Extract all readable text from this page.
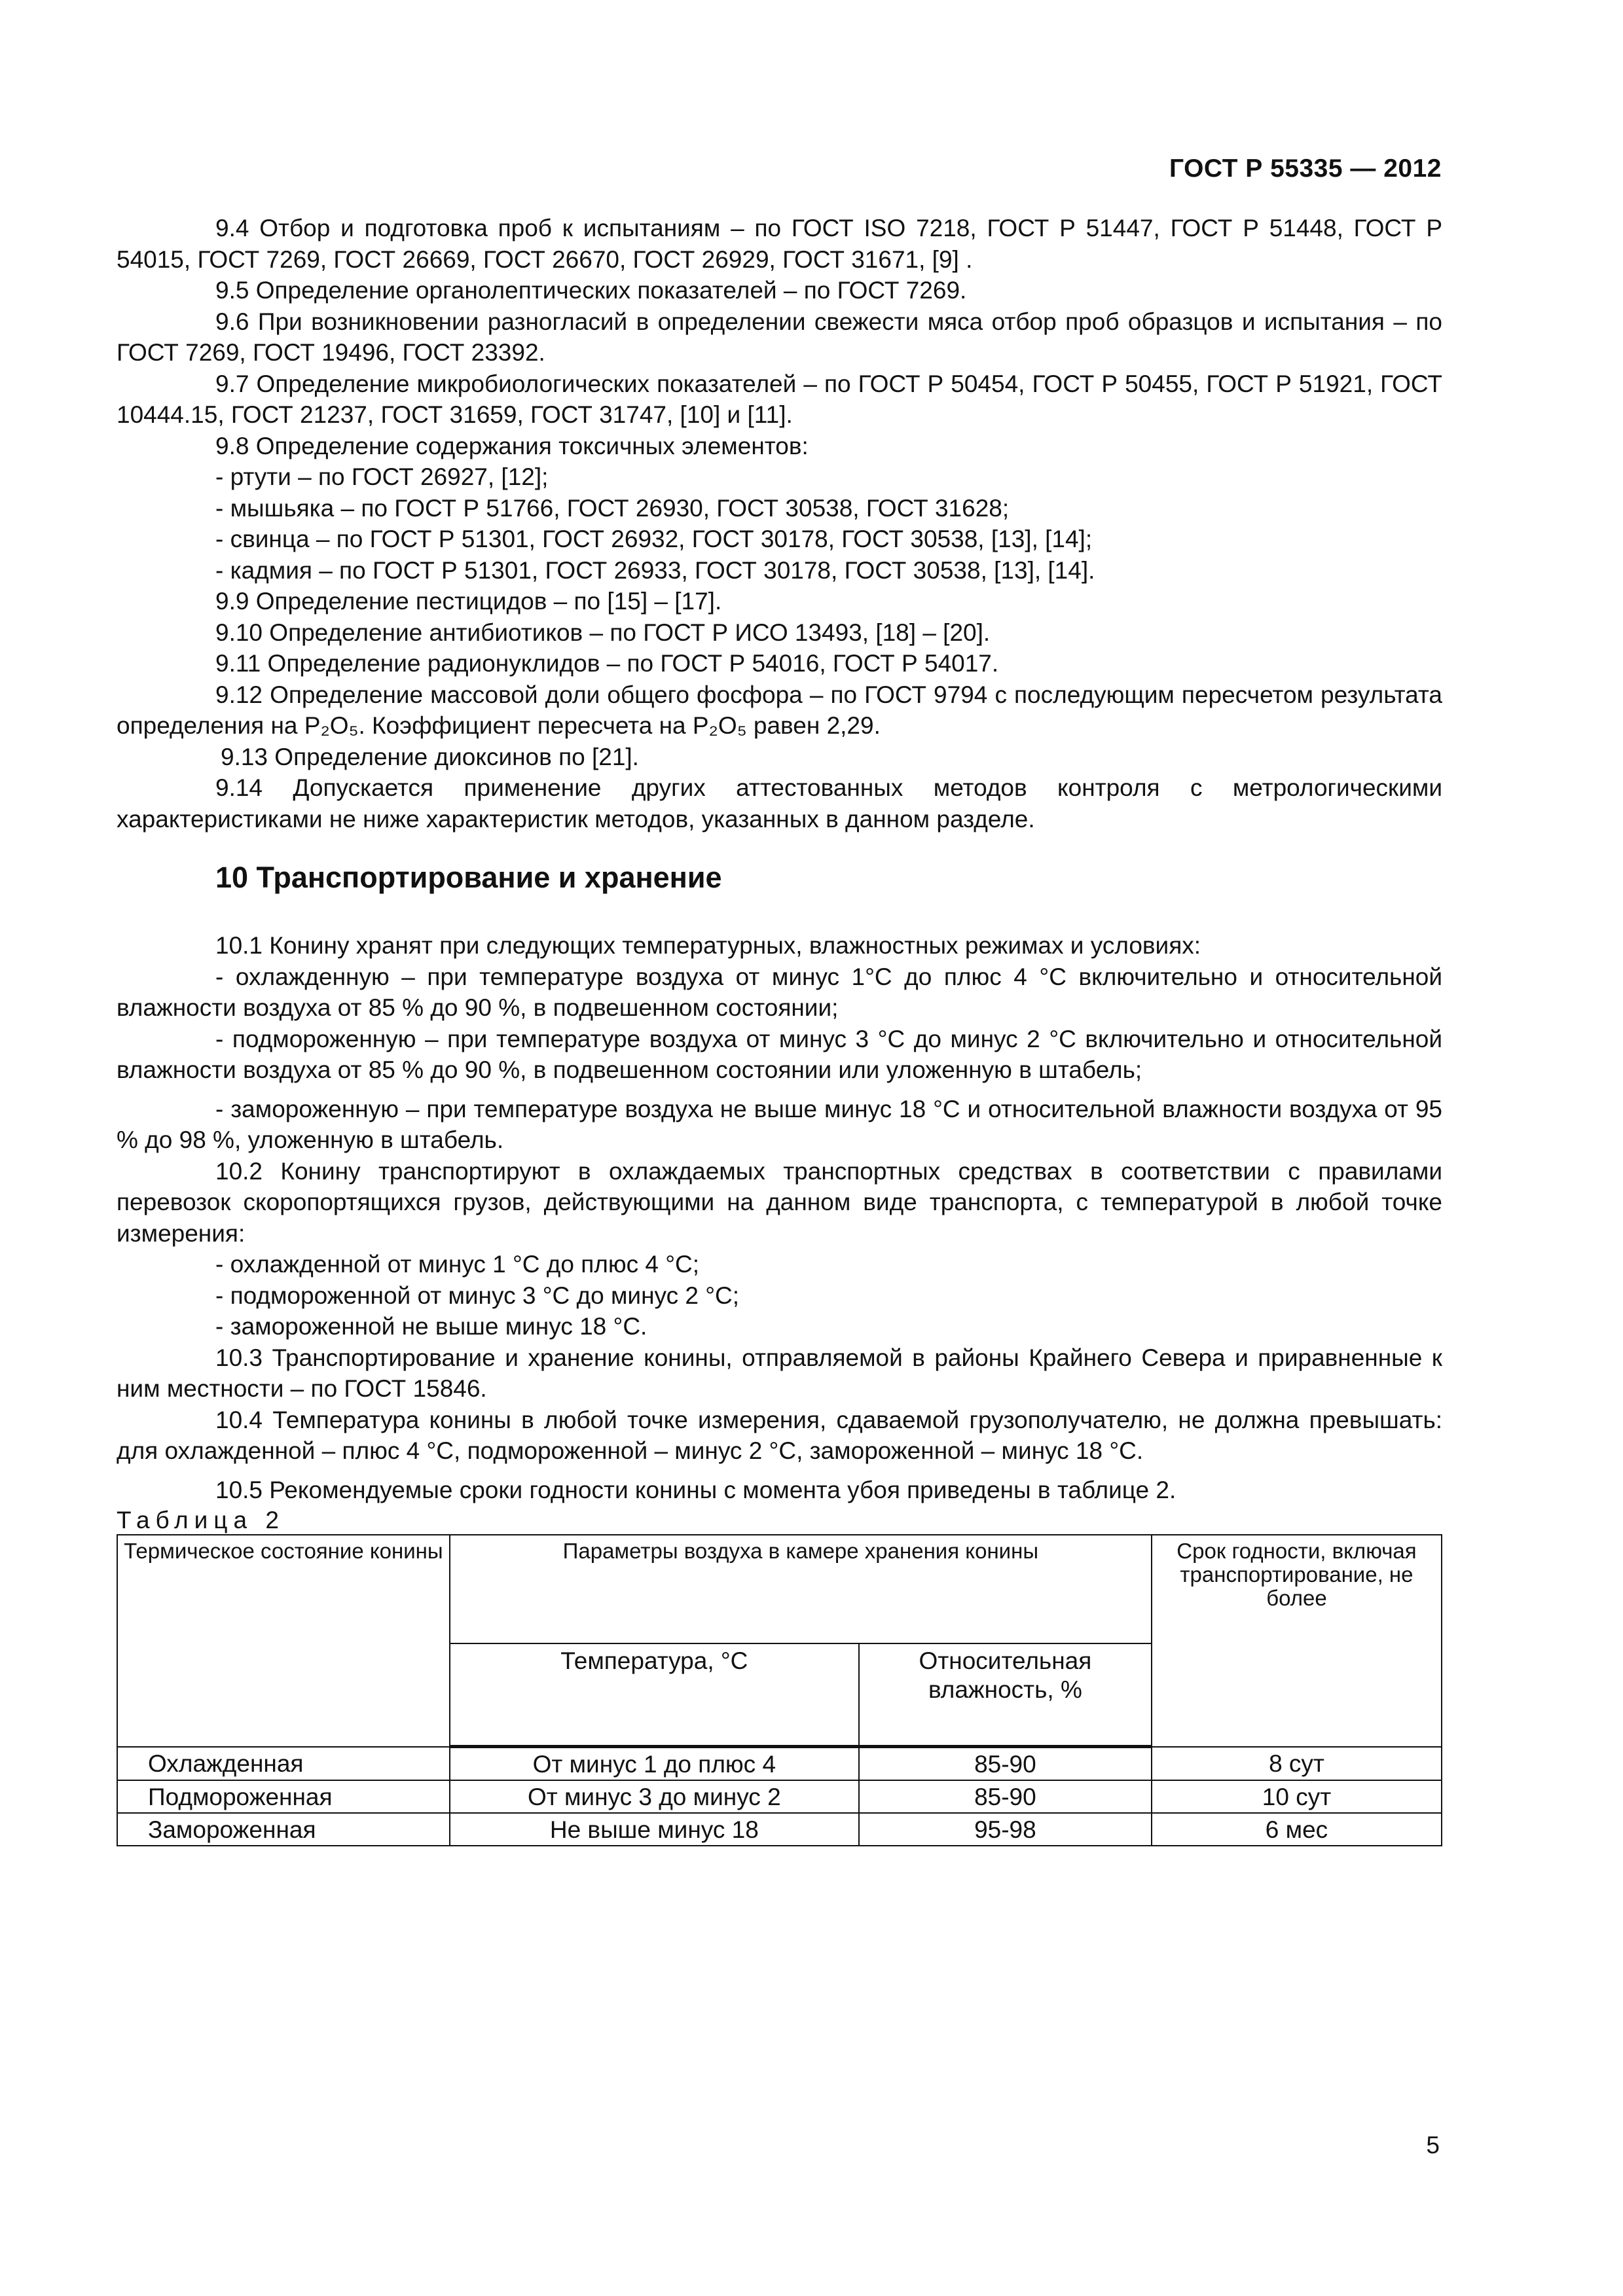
ГОСТ Р 55335 — 2012
9.4 Отбор и подготовка проб к испытаниям – по ГОСТ ISO 7218, ГОСТ Р 51447, ГОСТ Р 51448, ГОСТ Р 54015, ГОСТ 7269, ГОСТ 26669, ГОСТ 26670, ГОСТ 26929, ГОСТ 31671, [9] .
9.5 Определение органолептических показателей – по ГОСТ 7269.
9.6 При возникновении разногласий в определении свежести мяса отбор проб образцов и испытания – по ГОСТ 7269, ГОСТ 19496, ГОСТ 23392.
9.7 Определение микробиологических показателей – по ГОСТ Р 50454, ГОСТ Р 50455, ГОСТ Р 51921, ГОСТ 10444.15, ГОСТ 21237, ГОСТ 31659, ГОСТ 31747, [10] и [11].
9.8 Определение содержания токсичных элементов:
- ртути – по ГОСТ 26927, [12];
- мышьяка – по ГОСТ Р 51766, ГОСТ 26930, ГОСТ 30538, ГОСТ 31628;
- свинца – по ГОСТ Р 51301, ГОСТ 26932, ГОСТ 30178, ГОСТ 30538, [13], [14];
- кадмия – по ГОСТ Р 51301, ГОСТ 26933, ГОСТ 30178, ГОСТ 30538, [13], [14].
9.9 Определение пестицидов – по [15] – [17].
9.10 Определение антибиотиков – по ГОСТ Р ИСО 13493, [18] – [20].
9.11 Определение радионуклидов – по ГОСТ Р 54016, ГОСТ Р 54017.
9.12 Определение массовой доли общего фосфора – по ГОСТ 9794 с последующим пересчетом результата определения на P₂O₅. Коэффициент пересчета на P₂O₅ равен 2,29.
9.13 Определение диоксинов по [21].
9.14 Допускается применение других аттестованных методов контроля с метрологическими характеристиками не ниже характеристик методов, указанных в данном разделе.
10 Транспортирование и хранение
10.1 Конину хранят при следующих температурных, влажностных режимах и условиях:
- охлажденную – при температуре воздуха от минус 1°С до плюс 4 °С включительно и относительной влажности воздуха от 85 % до 90 %, в подвешенном состоянии;
- подмороженную – при температуре воздуха от минус 3 °С до минус 2 °С включительно и относительной влажности воздуха от 85 % до 90 %, в подвешенном состоянии или уложенную в штабель;
- замороженную – при температуре воздуха не выше минус 18 °С и относительной влажности воздуха от 95 % до 98 %, уложенную в штабель.
10.2 Конину транспортируют в охлаждаемых транспортных средствах в соответствии с правилами перевозок скоропортящихся грузов, действующими на данном виде транспорта, с температурой в любой точке измерения:
- охлажденной от минус 1 °С до плюс 4 °С;
- подмороженной от минус 3 °С до минус 2 °С;
- замороженной не выше минус 18 °С.
10.3 Транспортирование и хранение конины, отправляемой в районы Крайнего Севера и приравненные к ним местности – по ГОСТ 15846.
10.4 Температура конины в любой точке измерения, сдаваемой грузополучателю, не должна превышать: для охлажденной – плюс 4 °С, подмороженной – минус 2 °С, замороженной – минус 18 °С.
10.5 Рекомендуемые сроки годности конины с момента убоя приведены в таблице 2.
Таблица 2
Термическое состояние конины	Параметры воздуха в камере хранения конины		Срок годности, включая транспортирование, не более
	Температура, °С	Относительная влажность, %	
Охлажденная	От минус 1 до плюс 4	85-90	8 сут
Подмороженная	От минус 3 до минус 2	85-90	10 сут
Замороженная	Не выше минус 18	95-98	6 мес
5
